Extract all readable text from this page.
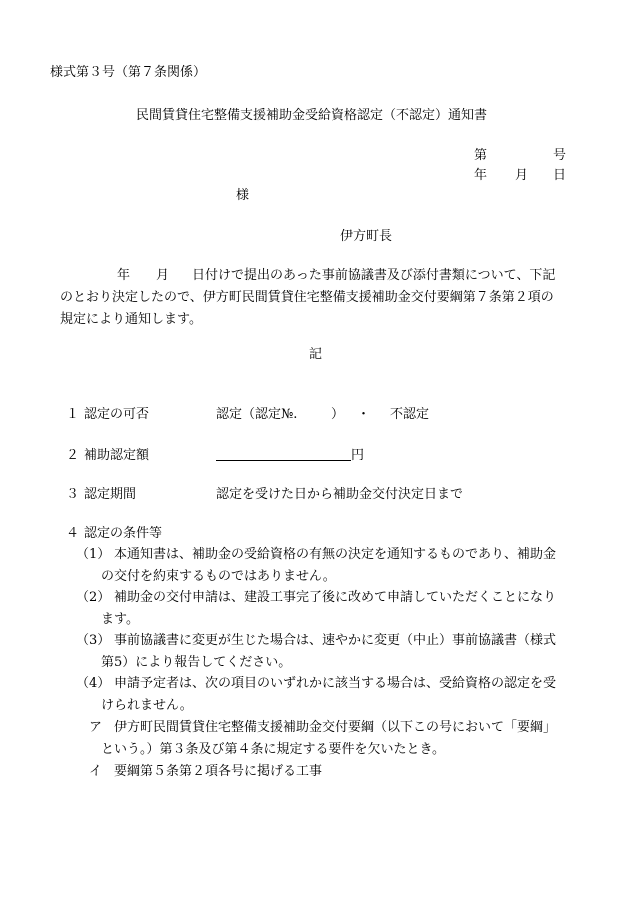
様式第３号（第７条関係）
民間賃貸住宅整備支援補助金受給資格認定（不認定）通知書
第	号
年 月 日
様
伊方町長
年 月 日付けで提出のあった事前協議書及び添付書類について、下記
のとおり決定したので、伊方町民間賃貸住宅整備支援補助金交付要綱第７条第２項の
規定により通知します。
記
１ 認定の可否	認定（認定№.	） ・ 不認定
２ 補助認定額	円
３ 認定期間	認定を受けた日から補助金交付決定日まで
４ 認定の条件等
（1） 本通知書は、補助金の受給資格の有無の決定を通知するものであり、補助金
の交付を約束するものではありません。
（2） 補助金の交付申請は、建設工事完了後に改めて申請していただくことになり
ます。
（3） 事前協議書に変更が生じた場合は、速やかに変更（中止）事前協議書（様式
第5）により報告してください。
（4） 申請予定者は、次の項目のいずれかに該当する場合は、受給資格の認定を受
けられません。
ア 伊方町民間賃貸住宅整備支援補助金交付要綱（以下この号において「要綱」
という。）第３条及び第４条に規定する要件を欠いたとき。
イ 要綱第５条第２項各号に掲げる工事
